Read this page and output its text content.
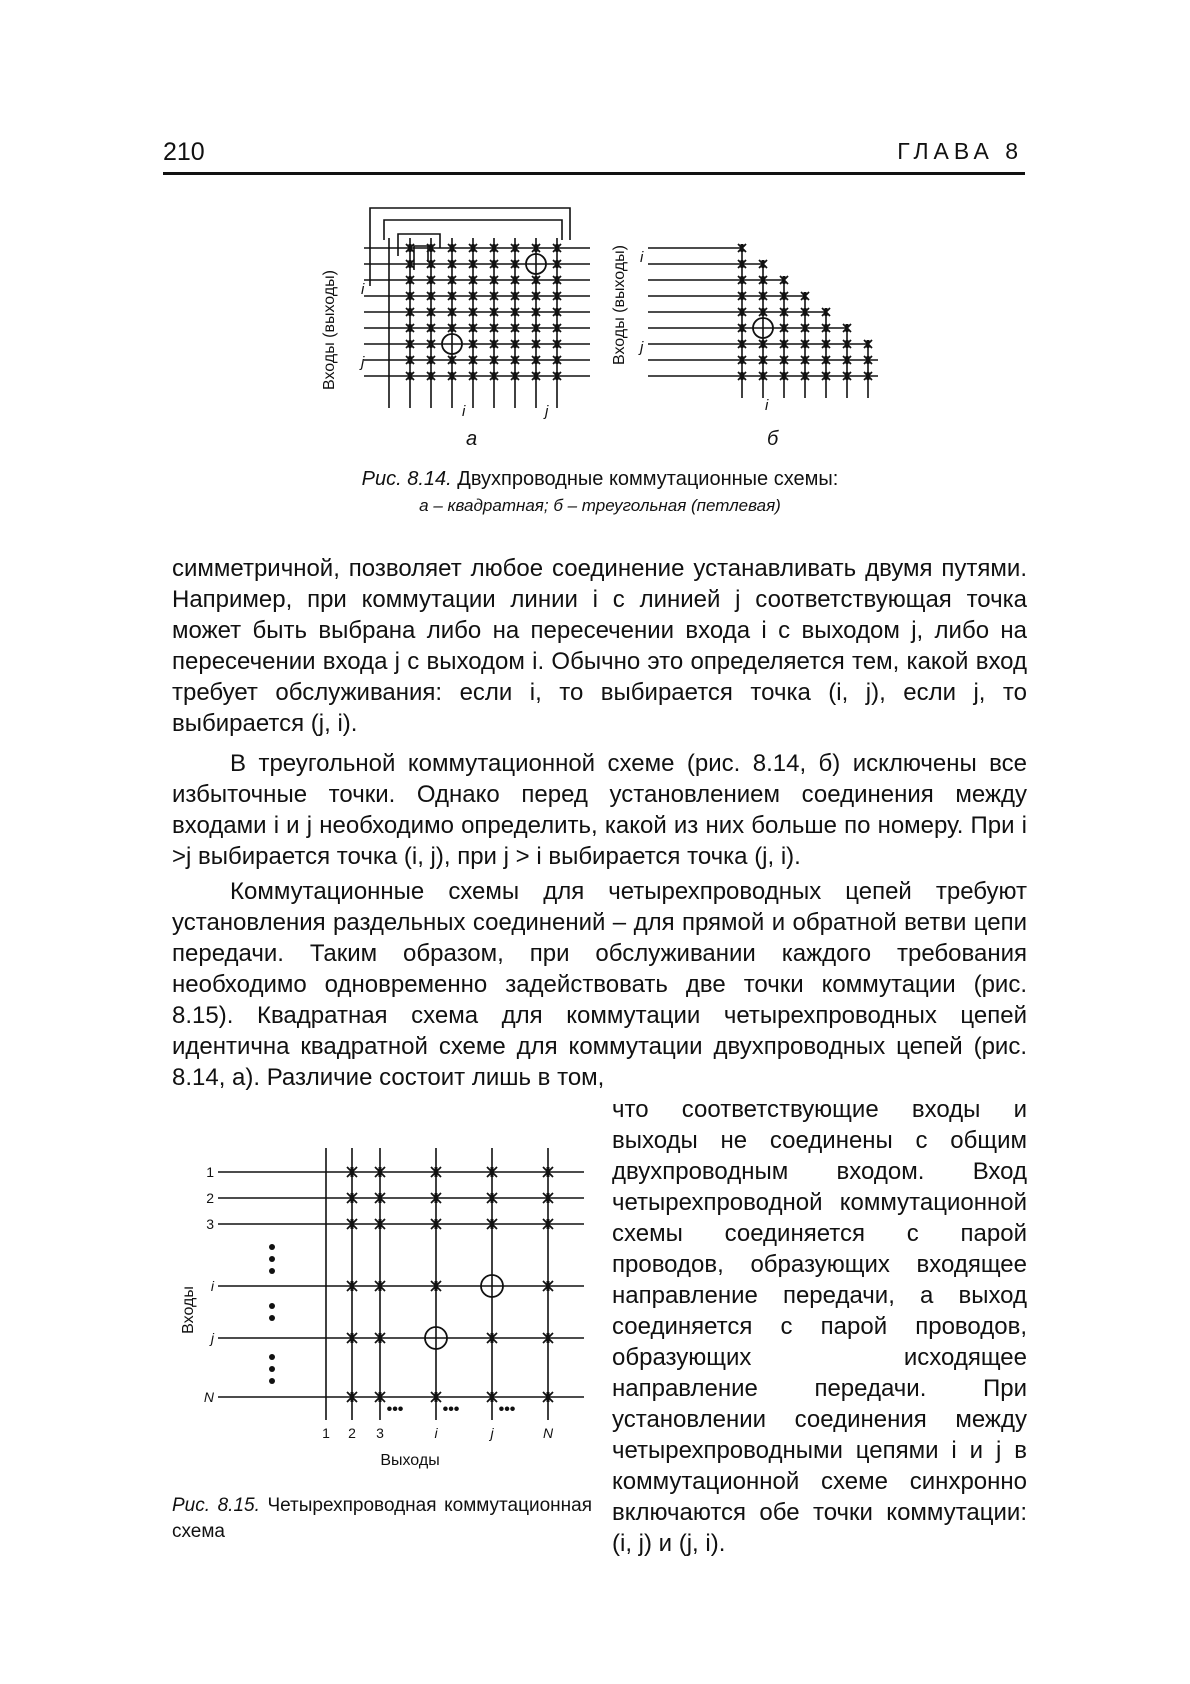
210	ГЛАВА 8
Входы (выходы)	Входы (выходы)
i
j
i	j
а	б
i
j
i
Рис. 8.14. Двухпроводные коммутационные схемы:
а – квадратная; б – треугольная (петлевая)

симметричной, позволяет любое соединение устанавливать двумя путями. Например, при коммутации линии i с линией j соответствующая точка может быть выбрана либо на пересечении входа i с выходом j, либо на пересечении входа j с выходом i. Обычно это определяется тем, какой вход требует обслуживания: если i, то выбирается точка (i, j), если j, то выбирается (j, i).

В треугольной коммутационной схеме (рис. 8.14, б) исключены все избыточные точки. Однако перед установлением соединения между входами i и j необходимо определить, какой из них больше по номеру. При i >j выбирается точка (i, j), при j > i выбирается точка (j, i).

Коммутационные схемы для четырехпроводных цепей требуют установления раздельных соединений – для прямой и обратной ветви цепи передачи. Таким образом, при обслуживании каждого требования необходимо одновременно задействовать две точки коммутации (рис. 8.15). Квадратная схема для коммутации четырехпроводных цепей идентична квадратной схеме для коммутации двухпроводных цепей (рис. 8.14, а). Различие состоит лишь в том,

что соответствующие входы и выходы не соединены с общим двухпроводным входом. Вход четырехпроводной коммутационной схемы соединяется с парой проводов, образующих входящее направление передачи, а выход соединяется с парой проводов, образующих исходящее направление передачи. При установлении соединения между четырехпроводными цепями i и j в коммутационной схеме синхронно включаются обе точки коммутации: (i, j) и (j, i).

1
2
3
i
j
N
1 2 3	i	j	N
••• ••• •••
Входы
Выходы
Рис. 8.15. Четырехпроводная коммутационная схема
